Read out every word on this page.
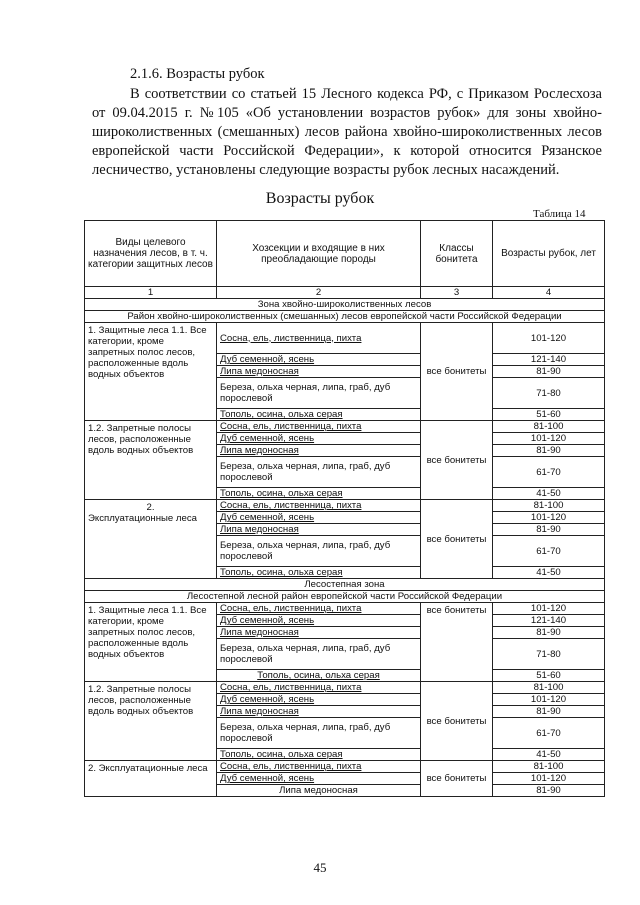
2.1.6. Возрасты рубок
В соответствии со статьей 15 Лесного кодекса РФ, с Приказом Рослесхоза от 09.04.2015 г. №105 «Об установлении возрастов рубок» для зоны хвойно-широколиственных (смешанных) лесов района хвойно-широколиственных лесов европейской части Российской Федерации», к которой относится Рязанское лесничество, установлены следующие возрасты рубок лесных насаждений.
Возрасты рубок
Таблица 14
Виды целевого назначения лесов, в т. ч. категории защитных лесов	Хозсекции и входящие в них преобладающие породы	Классы бонитета	Возрасты рубок, лет
1	2	3	4
Зона хвойно-широколиственных лесов			
Район хвойно-широколиственных (смешанных) лесов европейской части Российской Федерации			
1. Защитные леса 1.1. Все категории, кроме запретных полос лесов, расположенные вдоль водных объектов	Сосна, ель, лиственница, пихта	все бонитеты	101-120
	Дуб семенной, ясень		121-140
	Липа медоносная		81-90
	Береза, ольха черная, липа, граб, дуб порослевой		71-80
	Тополь, осина, ольха серая		51-60
1.2. Запретные полосы лесов, расположенные вдоль водных объектов	Сосна, ель, лиственница, пихта	все бонитеты	81-100
	Дуб семенной, ясень		101-120
	Липа медоносная		81-90
	Береза, ольха черная, липа, граб, дуб порослевой		61-70
	Тополь, осина, ольха серая		41-50

2.
Эксплуатационные леса	Сосна, ель, лиственница, пихта	все бонитеты	81-100
	Дуб семенной, ясень		101-120
	Липа медоносная		81-90
	Береза, ольха черная, липа, граб, дуб порослевой		61-70
	Тополь, осина, ольха серая		41-50
Лесостепная зона			
Лесостепной лесной район европейской части Российской Федерации			
1. Защитные леса 1.1. Все категории, кроме запретных полос лесов, расположенные вдоль водных объектов	Сосна, ель, лиственница, пихта	все бонитеты	101-120
	Дуб семенной, ясень		121-140
	Липа медоносная		81-90
	Береза, ольха черная, липа, граб, дуб порослевой		71-80
	Тополь, осина, ольха серая		51-60
1.2. Запретные полосы лесов, расположенные вдоль водных объектов	Сосна, ель, лиственница, пихта	все бонитеты	81-100
	Дуб семенной, ясень		101-120
	Липа медоносная		81-90
	Береза, ольха черная, липа, граб, дуб порослевой		61-70
	Тополь, осина, ольха серая		41-50
2. Эксплуатационные леса	Сосна, ель, лиственница, пихта	все бонитеты	81-100
	Дуб семенной, ясень		101-120
	Липа медоносная		81-90
45
